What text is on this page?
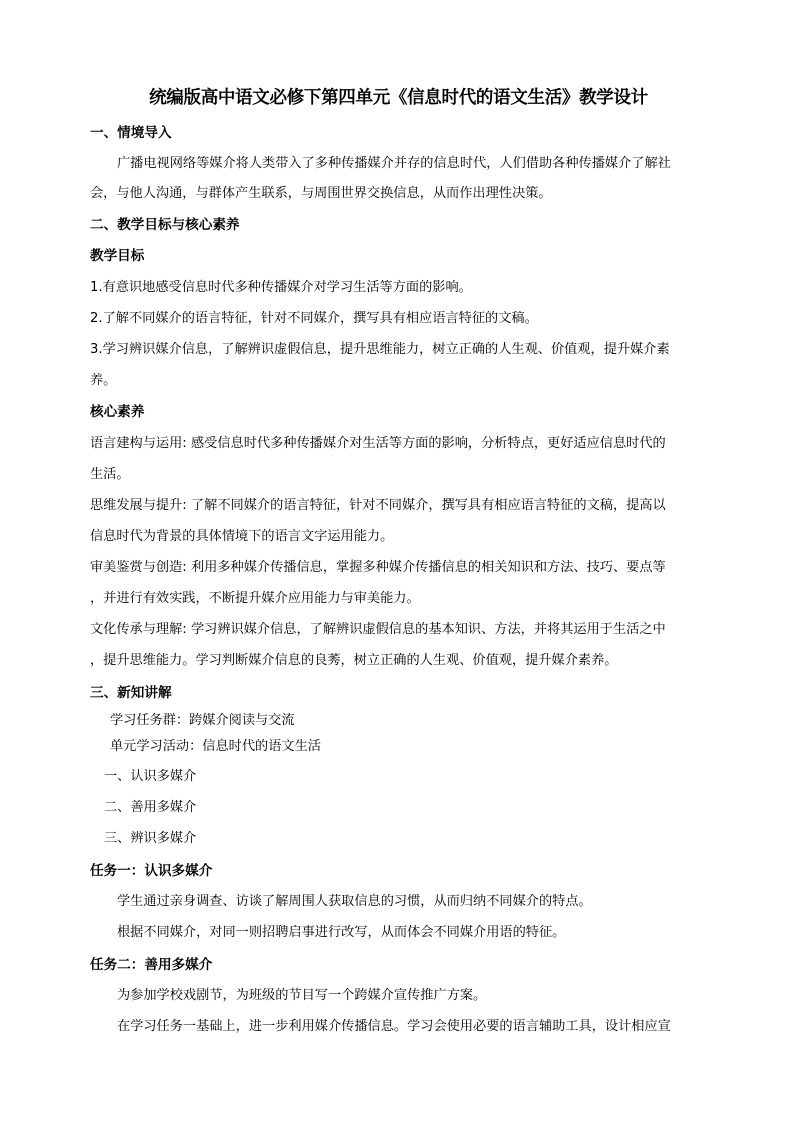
统编版高中语文必修下第四单元《信息时代的语文生活》教学设计
一、情境导入
广播电视网络等媒介将人类带入了多种传播媒介并存的信息时代，人们借助各种传播媒介了解社
会，与他人沟通，与群体产生联系，与周围世界交换信息，从而作出理性决策。
二、教学目标与核心素养
教学目标
1.有意识地感受信息时代多种传播媒介对学习生活等方面的影响。
2.了解不同媒介的语言特征，针对不同媒介，撰写具有相应语言特征的文稿。
3.学习辨识媒介信息，了解辨识虚假信息，提升思维能力，树立正确的人生观、价值观，提升媒介素
养。
核心素养
语言建构与运用: 感受信息时代多种传播媒介对生活等方面的影响，分析特点，更好适应信息时代的
生活。
思维发展与提升: 了解不同媒介的语言特征，针对不同媒介，撰写具有相应语言特征的文稿，提高以
信息时代为背景的具体情境下的语言文字运用能力。
审美鉴赏与创造: 利用多种媒介传播信息，掌握多种媒介传播信息的相关知识和方法、技巧、要点等
，并进行有效实践，不断提升媒介应用能力与审美能力。
文化传承与理解: 学习辨识媒介信息，了解辨识虚假信息的基本知识、方法，并将其运用于生活之中
，提升思维能力。学习判断媒介信息的良莠，树立正确的人生观、价值观，提升媒介素养。
三、新知讲解
学习任务群：跨媒介阅读与交流
单元学习活动：信息时代的语文生活
一、认识多媒介
二、善用多媒介
三、辨识多媒介
任务一：认识多媒介
学生通过亲身调查、访谈了解周围人获取信息的习惯，从而归纳不同媒介的特点。
根据不同媒介，对同一则招聘启事进行改写，从而体会不同媒介用语的特征。
任务二：善用多媒介
为参加学校戏剧节，为班级的节目写一个跨媒介宣传推广方案。
在学习任务一基础上，进一步利用媒介传播信息。学习会使用必要的语言辅助工具，设计相应宣
